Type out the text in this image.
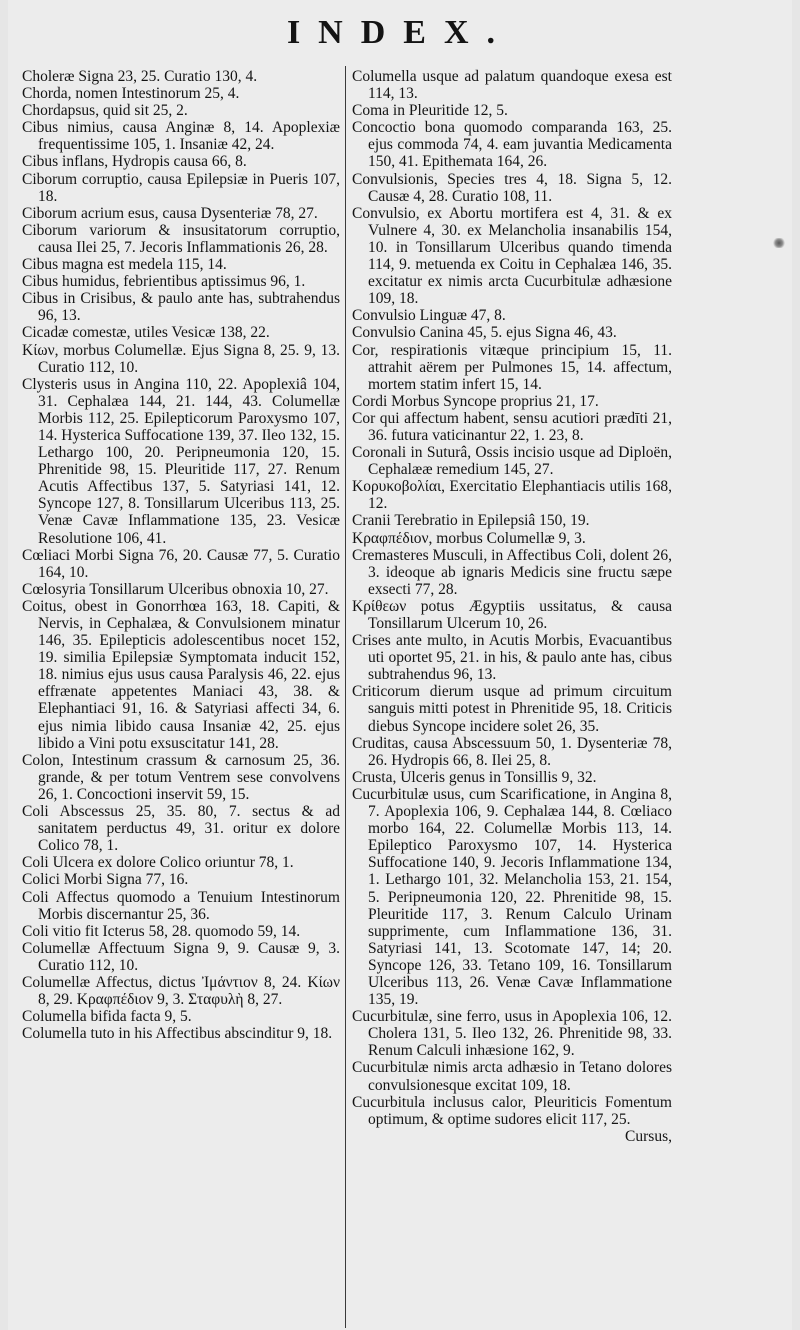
INDEX.

Choleræ Signa 23, 25. Curatio 130, 4.

Chorda, nomen Intestinorum 25, 4.

Chordapsus, quid sit 25, 2.

Cibus nimius, causa Anginæ 8, 14. Apoplexiæ frequentissime 105, 1. Insaniæ 42, 24.

Cibus inflans, Hydropis causa 66, 8.

Ciborum corruptio, causa Epilepsiæ in Pueris 107, 18.

Ciborum acrium esus, causa Dysenteriæ 78, 27.

Ciborum variorum & insusitatorum corruptio, causa Ilei 25, 7. Jecoris Inflammationis 26, 28.

Cibus magna est medela 115, 14.

Cibus humidus, febrientibus aptissimus 96, 1.

Cibus in Crisibus, & paulo ante has, subtrahendus 96, 13.

Cicadæ comestæ, utiles Vesicæ 138, 22.

Κίων, morbus Columellæ. Ejus Signa 8, 25. 9, 13. Curatio 112, 10.

Clysteris usus in Angina 110, 22. Apoplexiâ 104, 31. Cephalæa 144, 21. 144, 43. Columellæ Morbis 112, 25. Epilepticorum Paroxysmo 107, 14. Hysterica Suffocatione 139, 37. Ileo 132, 15. Lethargo 100, 20. Peripneumonia 120, 15. Phrenitide 98, 15. Pleuritide 117, 27. Renum Acutis Affectibus 137, 5. Satyriasi 141, 12. Syncope 127, 8. Tonsillarum Ulceribus 113, 25. Venæ Cavæ Inflammatione 135, 23. Vesicæ Resolutione 106, 41.

Cœliaci Morbi Signa 76, 20. Causæ 77, 5. Curatio 164, 10.

Cœlosyria Tonsillarum Ulceribus obnoxia 10, 27.

Coitus, obest in Gonorrhœa 163, 18. Capiti, & Nervis, in Cephalæa, & Convulsionem minatur 146, 35. Epilepticis adolescentibus nocet 152, 19. similia Epilepsiæ Symptomata inducit 152, 18. nimius ejus usus causa Paralysis 46, 22. ejus effrænate appetentes Maniaci 43, 38. & Elephantiaci 91, 16. & Satyriasi affecti 34, 6. ejus nimia libido causa Insaniæ 42, 25. ejus libido a Vini potu exsuscitatur 141, 28.

Colon, Intestinum crassum & carnosum 25, 36. grande, & per totum Ventrem sese convolvens 26, 1. Concoctioni inservit 59, 15.

Coli Abscessus 25, 35. 80, 7. sectus & ad sanitatem perductus 49, 31. oritur ex dolore Colico 78, 1.

Coli Ulcera ex dolore Colico oriuntur 78, 1.

Colici Morbi Signa 77, 16.

Coli Affectus quomodo a Tenuium Intestinorum Morbis discernantur 25, 36.

Coli vitio fit Icterus 58, 28. quomodo 59, 14.

Columellæ Affectuum Signa 9, 9. Causæ 9, 3. Curatio 112, 10.

Columellæ Affectus, dictus Ἰμάντιον 8, 24. Κίων 8, 29. Κραφπέδιον 9, 3. Σταφυλὴ 8, 27.

Columella bifida facta 9, 5.

Columella tuto in his Affectibus abscinditur 9, 18.

Columella usque ad palatum quandoque exesa est 114, 13.

Coma in Pleuritide 12, 5.

Concoctio bona quomodo comparanda 163, 25. ejus commoda 74, 4. eam juvantia Medicamenta 150, 41. Epithemata 164, 26.

Convulsionis, Species tres 4, 18. Signa 5, 12. Causæ 4, 28. Curatio 108, 11.

Convulsio, ex Abortu mortifera est 4, 31. & ex Vulnere 4, 30. ex Melancholia insanabilis 154, 10. in Tonsillarum Ulceribus quando timenda 114, 9. metuenda ex Coitu in Cephalæa 146, 35. excitatur ex nimis arcta Cucurbitulæ adhæsione 109, 18.

Convulsio Linguæ 47, 8.

Convulsio Canina 45, 5. ejus Signa 46, 43.

Cor, respirationis vitæque principium 15, 11. attrahit aërem per Pulmones 15, 14. affectum, mortem statim infert 15, 14.

Cordi Morbus Syncope proprius 21, 17.

Cor qui affectum habent, sensu acutiori prædīti 21, 36. futura vaticinantur 22, 1. 23, 8.

Coronali in Suturâ, Ossis incisio usque ad Diploën, Cephalææ remedium 145, 27.

Κορυκοβολίαι, Exercitatio Elephantiacis utilis 168, 12.

Cranii Terebratio in Epilepsiâ 150, 19.

Κραφπέδιον, morbus Columellæ 9, 3.

Cremasteres Musculi, in Affectibus Coli, dolent 26, 3. ideoque ab ignaris Medicis sine fructu sæpe exsecti 77, 28.

Κρίθεων potus Ægyptiis ussitatus, & causa Tonsillarum Ulcerum 10, 26.

Crises ante multo, in Acutis Morbis, Evacuantibus uti oportet 95, 21. in his, & paulo ante has, cibus subtrahendus 96, 13.

Criticorum dierum usque ad primum circuitum sanguis mitti potest in Phrenitide 95, 18. Criticis diebus Syncope incidere solet 26, 35.

Cruditas, causa Abscessuum 50, 1. Dysenteriæ 78, 26. Hydropis 66, 8. Ilei 25, 8.

Crusta, Ulceris genus in Tonsillis 9, 32.

Cucurbitulæ usus, cum Scarificatione, in Angina 8, 7. Apoplexia 106, 9. Cephalæa 144, 8. Cœliaco morbo 164, 22. Columellæ Morbis 113, 14. Epileptico Paroxysmo 107, 14. Hysterica Suffocatione 140, 9. Jecoris Inflammatione 134, 1. Lethargo 101, 32. Melancholia 153, 21. 154, 5. Peripneumonia 120, 22. Phrenitide 98, 15. Pleuritide 117, 3. Renum Calculo Urinam supprimente, cum Inflammatione 136, 31. Satyriasi 141, 13. Scotomate 147, 14; 20. Syncope 126, 33. Tetano 109, 16. Tonsillarum Ulceribus 113, 26. Venæ Cavæ Inflammatione 135, 19.

Cucurbitulæ, sine ferro, usus in Apoplexia 106, 12. Cholera 131, 5. Ileo 132, 26. Phrenitide 98, 33. Renum Calculi inhæsione 162, 9.

Cucurbitulæ nimis arcta adhæsio in Tetano dolores convulsionesque excitat 109, 18.

Cucurbitula inclusus calor, Pleuriticis Fomentum optimum, & optime sudores elicit 117, 25.

Cursus,
